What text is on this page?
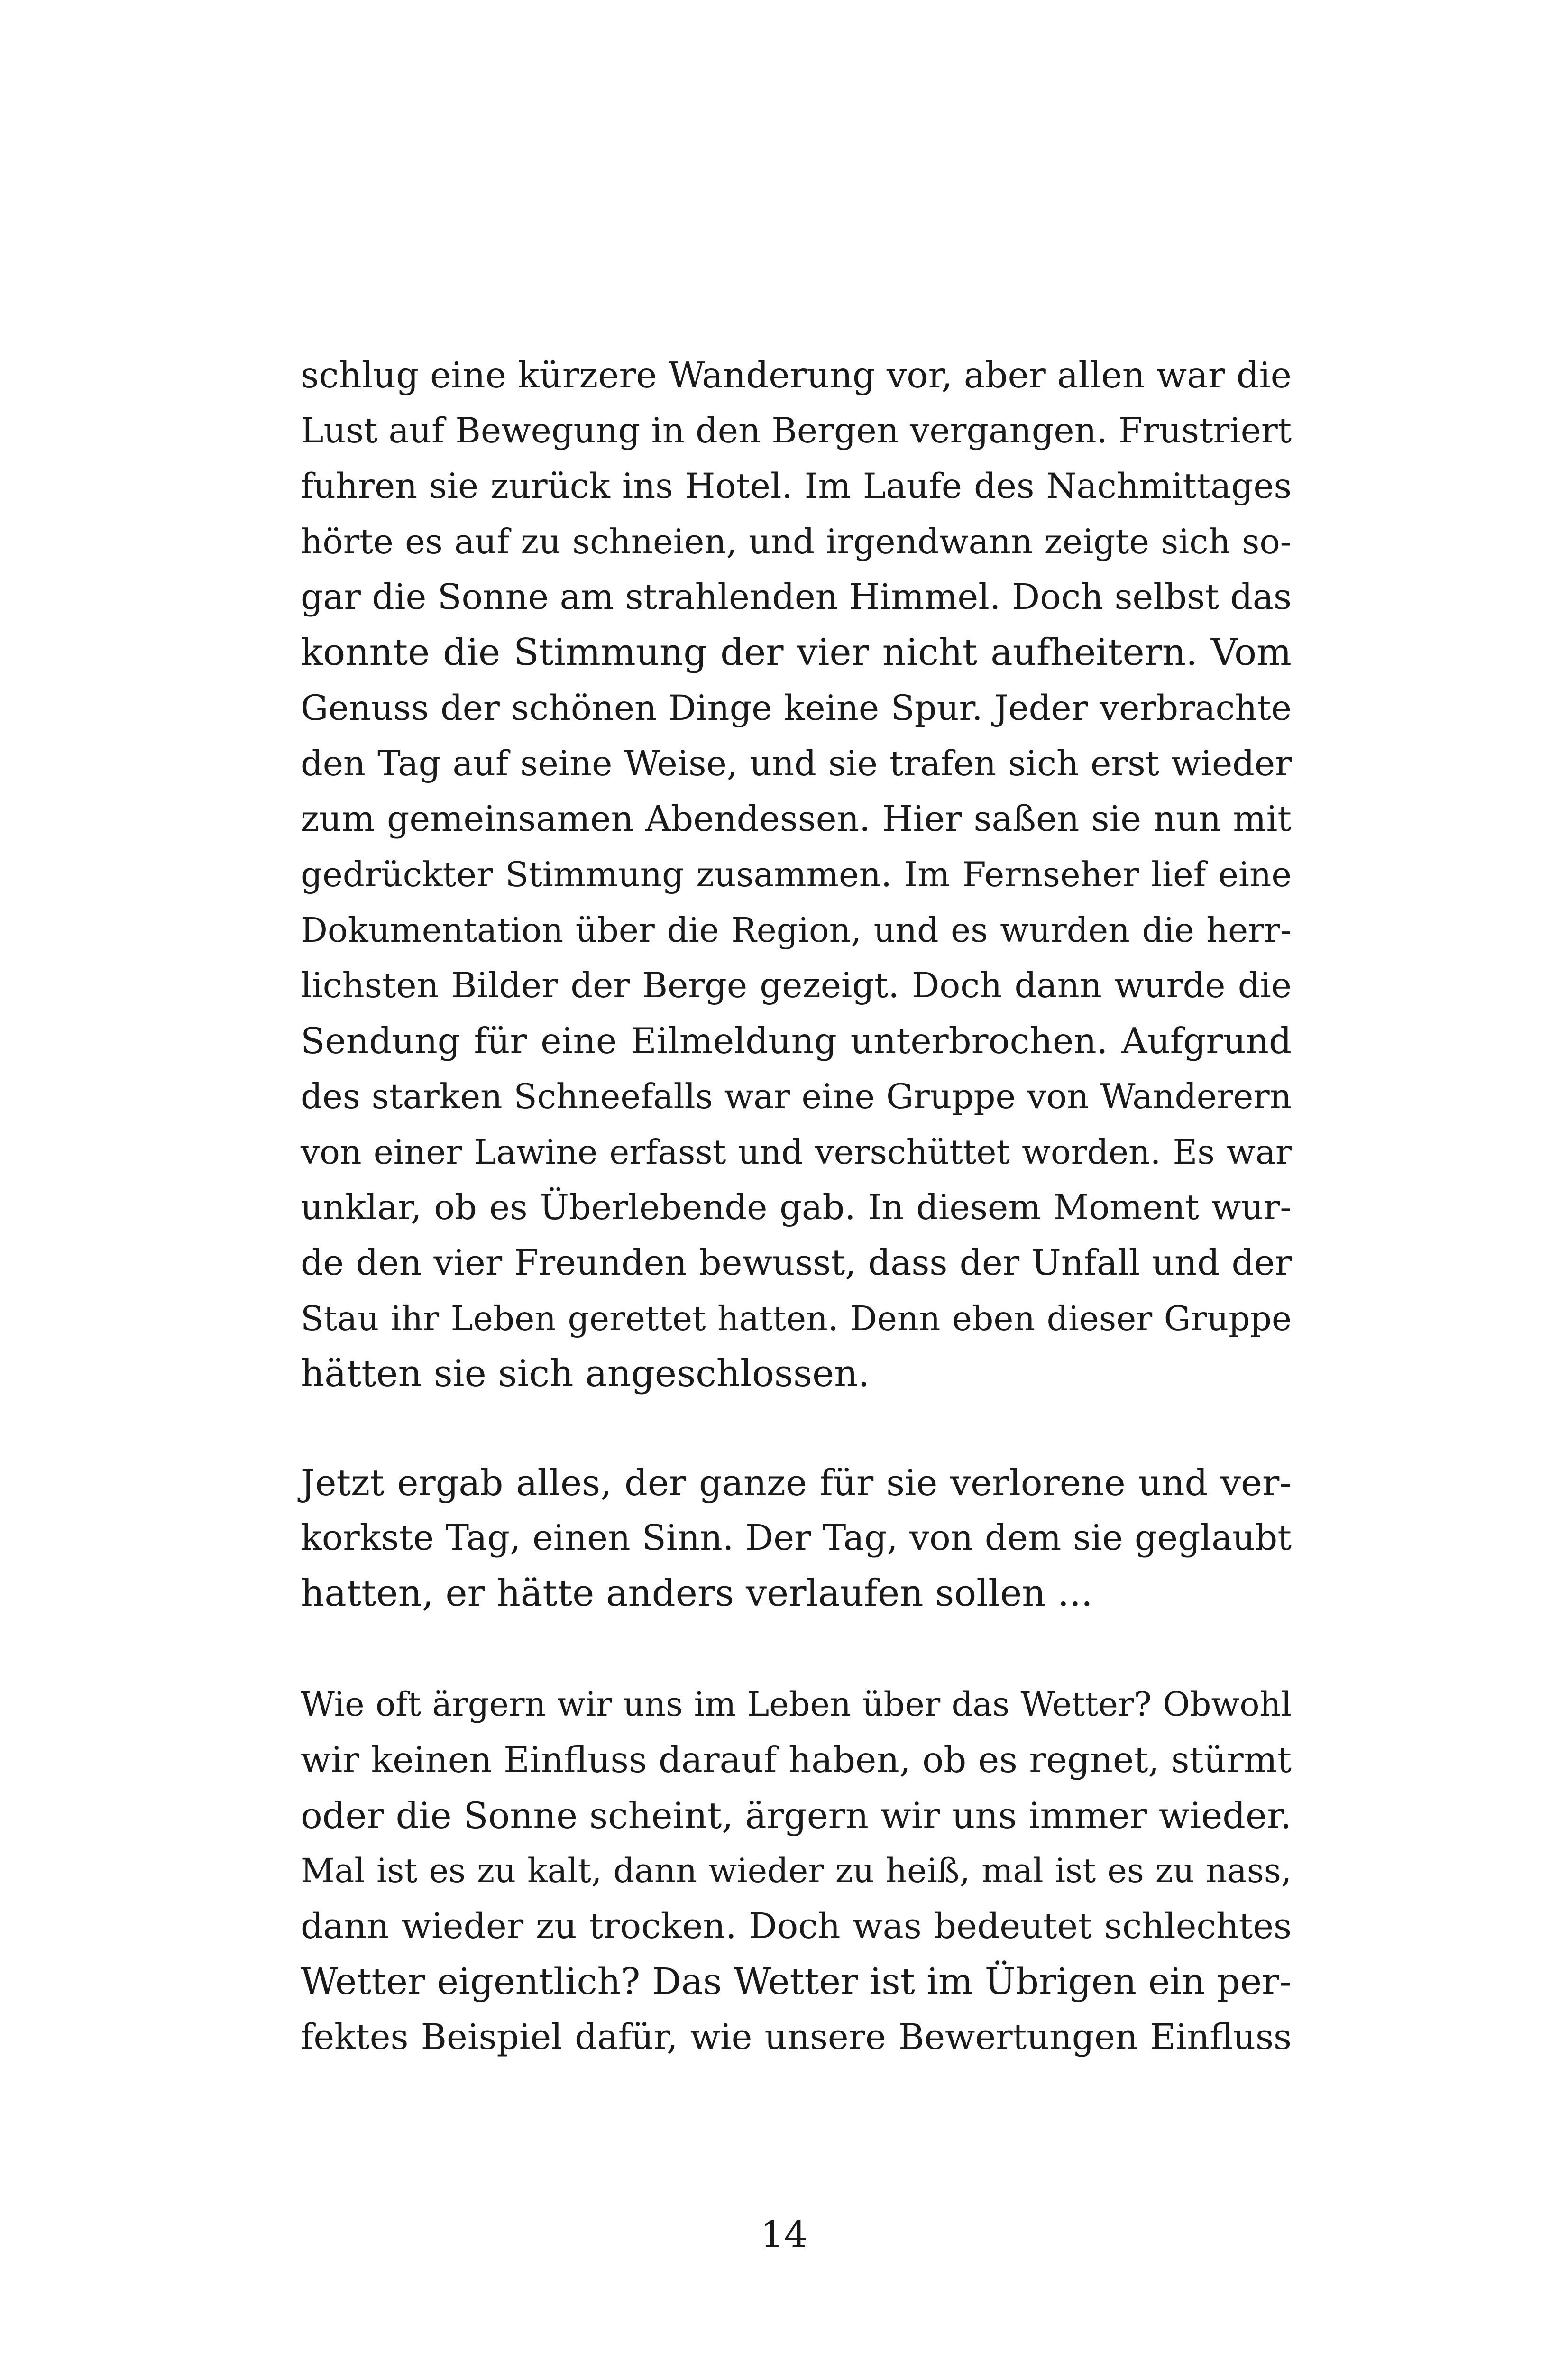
schlug eine kürzere Wanderung vor, aber allen war die
Lust auf Bewegung in den Bergen vergangen. Frustriert
fuhren sie zurück ins Hotel. Im Laufe des Nachmittages
hörte es auf zu schneien, und irgendwann zeigte sich so-
gar die Sonne am strahlenden Himmel. Doch selbst das
konnte die Stimmung der vier nicht aufheitern. Vom
Genuss der schönen Dinge keine Spur. Jeder verbrachte
den Tag auf seine Weise, und sie trafen sich erst wieder
zum gemeinsamen Abendessen. Hier saßen sie nun mit
gedrückter Stimmung zusammen. Im Fernseher lief eine
Dokumentation über die Region, und es wurden die herr-
lichsten Bilder der Berge gezeigt. Doch dann wurde die
Sendung für eine Eilmeldung unterbrochen. Aufgrund
des starken Schneefalls war eine Gruppe von Wanderern
von einer Lawine erfasst und verschüttet worden. Es war
unklar, ob es Überlebende gab. In diesem Moment wur-
de den vier Freunden bewusst, dass der Unfall und der
Stau ihr Leben gerettet hatten. Denn eben dieser Gruppe
hätten sie sich angeschlossen.
Jetzt ergab alles, der ganze für sie verlorene und ver-
korkste Tag, einen Sinn. Der Tag, von dem sie geglaubt
hatten, er hätte anders verlaufen sollen ...
Wie oft ärgern wir uns im Leben über das Wetter? Obwohl
wir keinen Einfluss darauf haben, ob es regnet, stürmt
oder die Sonne scheint, ärgern wir uns immer wieder.
Mal ist es zu kalt, dann wieder zu heiß, mal ist es zu nass,
dann wieder zu trocken. Doch was bedeutet schlechtes
Wetter eigentlich? Das Wetter ist im Übrigen ein per-
fektes Beispiel dafür, wie unsere Bewertungen Einfluss
14
